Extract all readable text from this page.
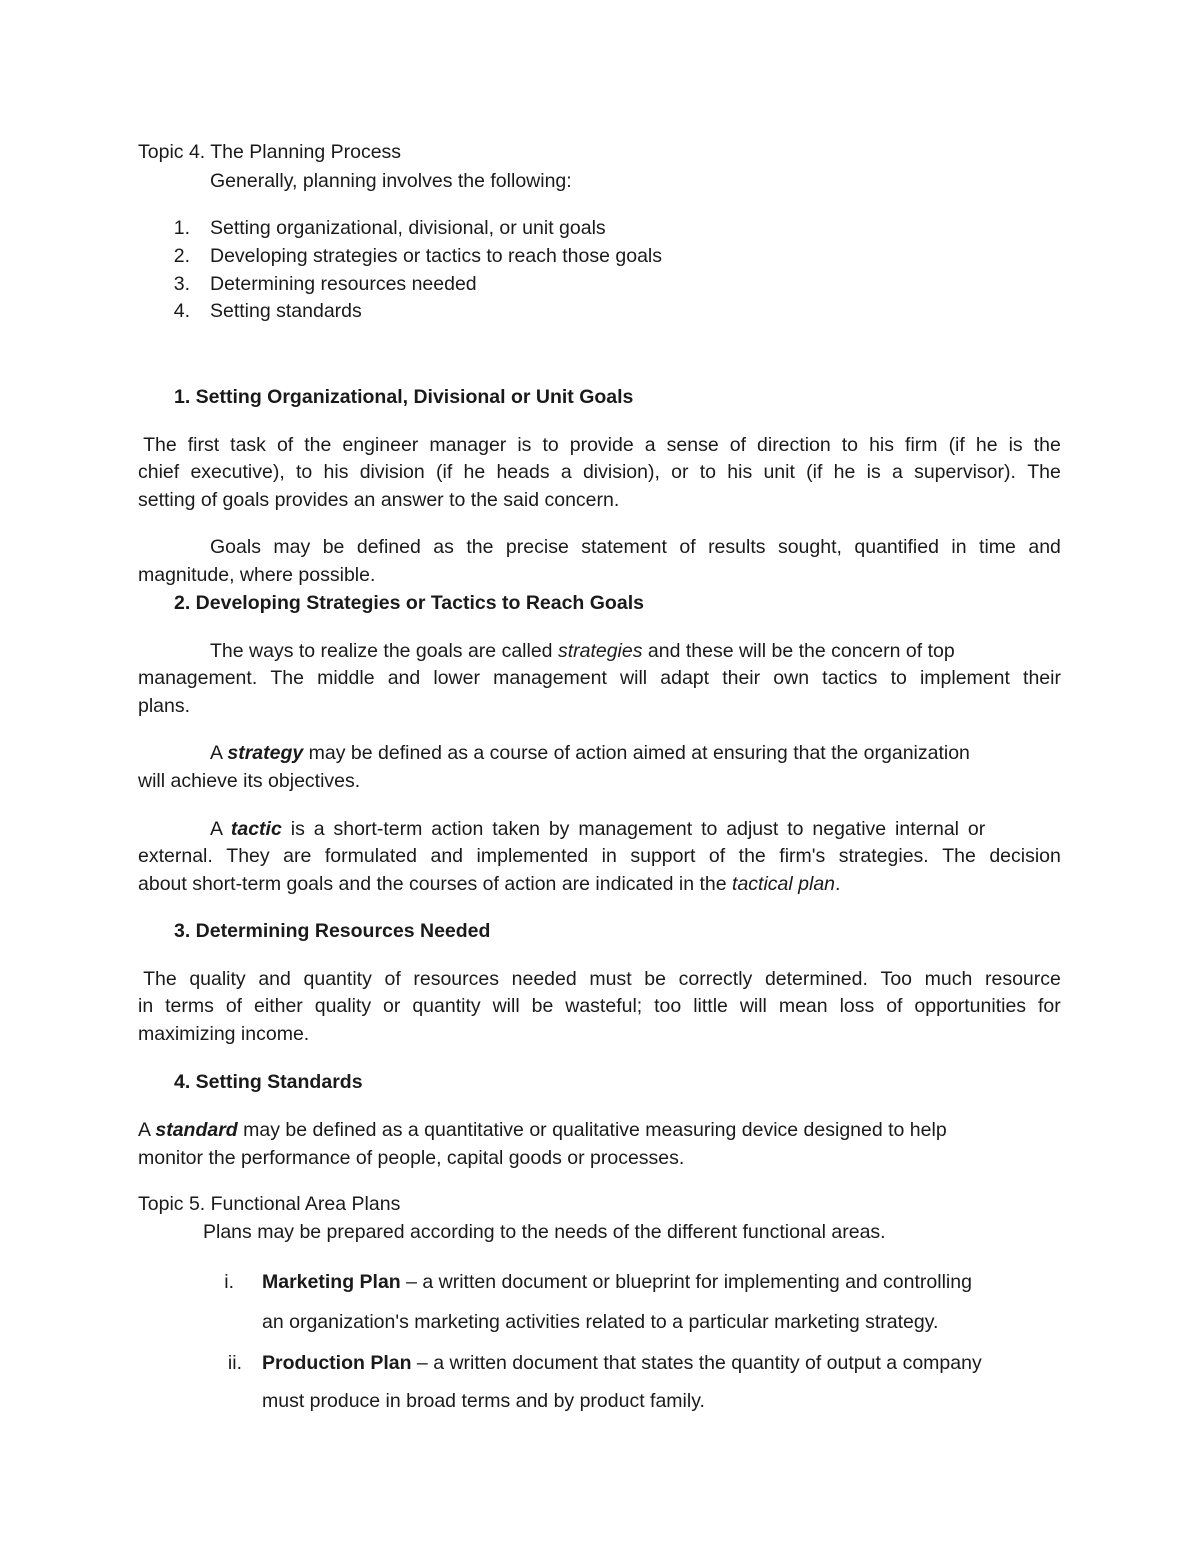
Topic 4. The Planning Process
Generally, planning involves the following:
1. Setting organizational, divisional, or unit goals
2. Developing strategies or tactics to reach those goals
3. Determining resources needed
4. Setting standards
1. Setting Organizational, Divisional or Unit Goals
The first task of the engineer manager is to provide a sense of direction to his firm (if he is the
chief executive), to his division (if he heads a division), or to his unit (if he is a supervisor). The
setting of goals provides an answer to the said concern.
Goals may be defined as the precise statement of results sought, quantified in time and
magnitude, where possible.
2. Developing Strategies or Tactics to Reach Goals
The ways to realize the goals are called strategies and these will be the concern of top
management. The middle and lower management will adapt their own tactics to implement their
plans.
A strategy may be defined as a course of action aimed at ensuring that the organization
will achieve its objectives.
A tactic is a short-term action taken by management to adjust to negative internal or
external. They are formulated and implemented in support of the firm's strategies. The decision
about short-term goals and the courses of action are indicated in the tactical plan.
3. Determining Resources Needed
The quality and quantity of resources needed must be correctly determined. Too much resource
in terms of either quality or quantity will be wasteful; too little will mean loss of opportunities for
maximizing income.
4. Setting Standards
A standard may be defined as a quantitative or qualitative measuring device designed to help
monitor the performance of people, capital goods or processes.
Topic 5. Functional Area Plans
Plans may be prepared according to the needs of the different functional areas.
i. Marketing Plan – a written document or blueprint for implementing and controlling
an organization's marketing activities related to a particular marketing strategy.
ii. Production Plan – a written document that states the quantity of output a company
must produce in broad terms and by product family.
